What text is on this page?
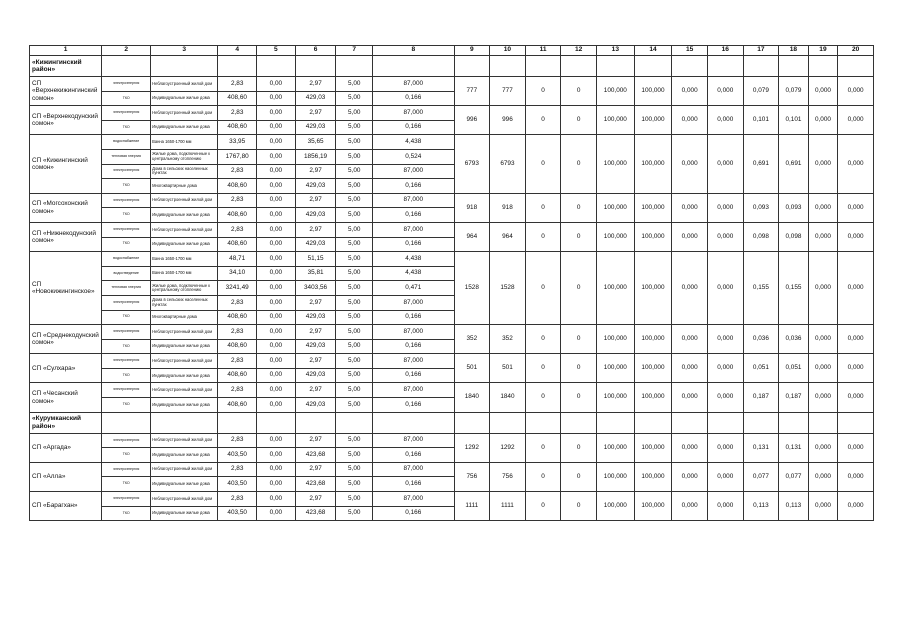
1	2	3	4	5	6	7	8	9	10	11	12	13	14	15	16	17	18	19	20
«Кижингинский район»																			
СП «Верхнекижингинский сомон»	электроэнергия	Неблагоустроенный жилой дом	2,83	0,00	2,97	5,00	87,000	777	777	0	0	100,000	100,000	0,000	0,000	0,079	0,079	0,000	0,000
	ТКО	Индивидуальные жилые дома	408,60	0,00	429,03	5,00	0,166												
СП «Верхнекодунский сомон»	электроэнергия	Неблагоустроенный жилой дом	2,83	0,00	2,97	5,00	87,000	996	996	0	0	100,000	100,000	0,000	0,000	0,101	0,101	0,000	0,000
	ТКО	Индивидуальные жилые дома	408,60	0,00	429,03	5,00	0,166												
СП «Кижингинский сомон»	водоснабжение	Ванна 1650-1700 мм	33,95	0,00	35,65	5,00	4,438	6793	6793	0	0	100,000	100,000	0,000	0,000	0,691	0,691	0,000	0,000
	тепловая энергия	Жилые дома, подключенные к центральному отоплению	1767,80	0,00	1856,19	5,00	0,524												
	электроэнергия	Дома в сельских населенных пунктах	2,83	0,00	2,97	5,00	87,000												
	ТКО	Многоквартирные дома	408,60	0,00	429,03	5,00	0,166												
СП «Могсохонский сомон»	электроэнергия	Неблагоустроенный жилой дом	2,83	0,00	2,97	5,00	87,000	918	918	0	0	100,000	100,000	0,000	0,000	0,093	0,093	0,000	0,000
	ТКО	Индивидуальные жилые дома	408,60	0,00	429,03	5,00	0,166												
СП «Нижнекодунский сомон»	электроэнергия	Неблагоустроенный жилой дом	2,83	0,00	2,97	5,00	87,000	964	964	0	0	100,000	100,000	0,000	0,000	0,098	0,098	0,000	0,000
	ТКО	Индивидуальные жилые дома	408,60	0,00	429,03	5,00	0,166												
СП «Новокижингинское»	водоснабжение	Ванна 1650-1700 мм	48,71	0,00	51,15	5,00	4,438	1528	1528	0	0	100,000	100,000	0,000	0,000	0,155	0,155	0,000	0,000
	водоотведение	Ванна 1650-1700 мм	34,10	0,00	35,81	5,00	4,438												
	тепловая энергия	Жилые дома, подключенные к центральному отоплению	3241,49	0,00	3403,56	5,00	0,471												
	электроэнергия	Дома в сельских населенных пунктах	2,83	0,00	2,97	5,00	87,000												
	ТКО	Многоквартирные дома	408,60	0,00	429,03	5,00	0,166												
СП «Среднекодунский сомон»	электроэнергия	Неблагоустроенный жилой дом	2,83	0,00	2,97	5,00	87,000	352	352	0	0	100,000	100,000	0,000	0,000	0,036	0,036	0,000	0,000
	ТКО	Индивидуальные жилые дома	408,60	0,00	429,03	5,00	0,166												
СП «Сулхара»	электроэнергия	Неблагоустроенный жилой дом	2,83	0,00	2,97	5,00	87,000	501	501	0	0	100,000	100,000	0,000	0,000	0,051	0,051	0,000	0,000
	ТКО	Индивидуальные жилые дома	408,60	0,00	429,03	5,00	0,166												
СП «Чесанский сомон»	электроэнергия	Неблагоустроенный жилой дом	2,83	0,00	2,97	5,00	87,000	1840	1840	0	0	100,000	100,000	0,000	0,000	0,187	0,187	0,000	0,000
	ТКО	Индивидуальные жилые дома	408,60	0,00	429,03	5,00	0,166												
«Курумканский район»																			
СП «Аргада»	электроэнергия	Неблагоустроенный жилой дом	2,83	0,00	2,97	5,00	87,000	1292	1292	0	0	100,000	100,000	0,000	0,000	0,131	0,131	0,000	0,000
	ТКО	Индивидуальные жилые дома	403,50	0,00	423,68	5,00	0,166												
СП «Алла»	электроэнергия	Неблагоустроенный жилой дом	2,83	0,00	2,97	5,00	87,000	756	756	0	0	100,000	100,000	0,000	0,000	0,077	0,077	0,000	0,000
	ТКО	Индивидуальные жилые дома	403,50	0,00	423,68	5,00	0,166												
СП «Барагхан»	электроэнергия	Неблагоустроенный жилой дом	2,83	0,00	2,97	5,00	87,000	1111	1111	0	0	100,000	100,000	0,000	0,000	0,113	0,113	0,000	0,000
	ТКО	Индивидуальные жилые дома	403,50	0,00	423,68	5,00	0,166												
